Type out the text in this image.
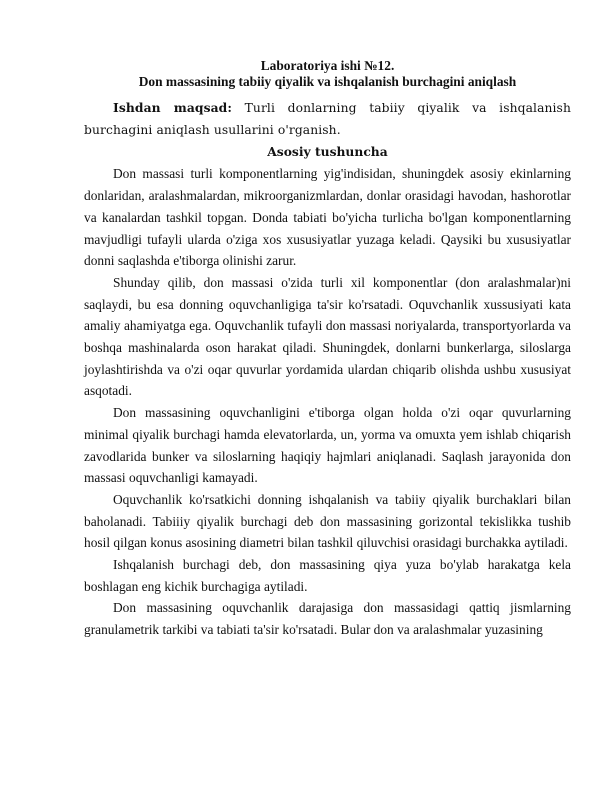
Laboratoriya ishi №12.
Don massasining tabiiy qiyalik va ishqalanish burchagini aniqlash

Ishdan maqsad: Turli donlarning tabiiy qiyalik va ishqalanish burchagini aniqlash usullarini o'rganish.

Asosiy tushuncha

Don massasi turli komponentlarning yig'indisidan, shuningdek asosiy ekinlarning donlaridan, aralashmalardan, mikroorganizmlardan, donlar orasidagi havodan, hashorotlar va kanalardan tashkil topgan. Donda tabiati bo'yicha turlicha bo'lgan komponentlarning mavjudligi tufayli ularda o'ziga xos xususiyatlar yuzaga keladi. Qaysiki bu xususiyatlar donni saqlashda e'tiborga olinishi zarur.

Shunday qilib, don massasi o'zida turli xil komponentlar (don aralashmalar)ni saqlaydi, bu esa donning oquvchanligiga ta'sir ko'rsatadi. Oquvchanlik xussusiyati kata amaliy ahamiyatga ega. Oquvchanlik tufayli don massasi noriyalarda, transportyorlarda va boshqa mashinalarda oson harakat qiladi. Shuningdek, donlarni bunkerlarga, siloslarga joylashtirishda va o'zi oqar quvurlar yordamida ulardan chiqarib olishda ushbu xususiyat asqotadi.

Don massasining oquvchanligini e'tiborga olgan holda o'zi oqar quvurlarning minimal qiyalik burchagi hamda elevatorlarda, un, yorma va omuxta yem ishlab chiqarish zavodlarida bunker va siloslarning haqiqiy hajmlari aniqlanadi. Saqlash jarayonida don massasi oquvchanligi kamayadi.

Oquvchanlik ko'rsatkichi donning ishqalanish va tabiiy qiyalik burchaklari bilan baholanadi. Tabiiiy qiyalik burchagi deb don massasining gorizontal tekislikka tushib hosil qilgan konus asosining diametri bilan tashkil qiluvchisi orasidagi burchakka aytiladi.

Ishqalanish burchagi deb, don massasining qiya yuza bo'ylab harakatga kela boshlagan eng kichik burchagiga aytiladi.

Don massasining oquvchanlik darajasiga don massasidagi qattiq jismlarning granulametrik tarkibi va tabiati ta'sir ko'rsatadi. Bular don va aralashmalar yuzasining
